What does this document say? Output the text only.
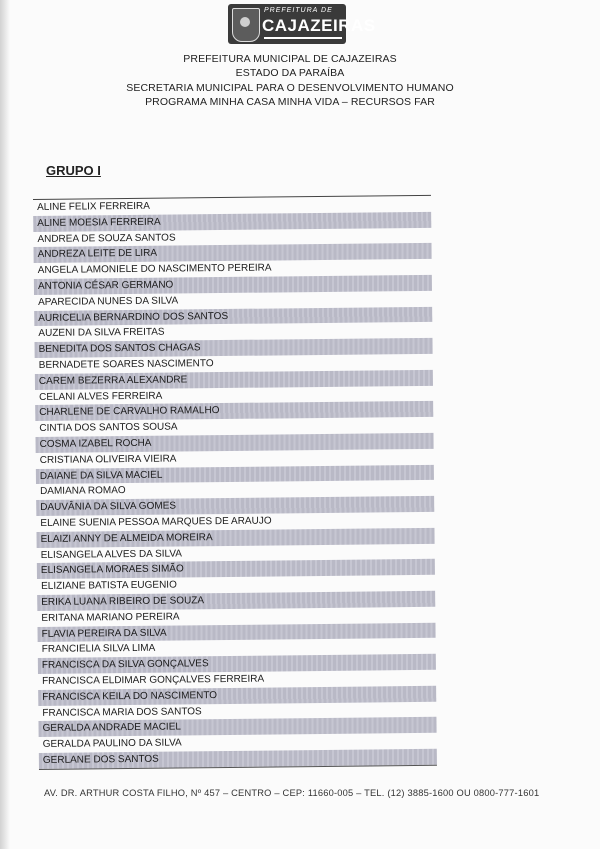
PREFEITURA DE
CAJAZEIRAS
PREFEITURA MUNICIPAL DE CAJAZEIRAS
ESTADO DA PARAÍBA
SECRETARIA MUNICIPAL PARA O DESENVOLVIMENTO HUMANO
PROGRAMA MINHA CASA MINHA VIDA – RECURSOS FAR
GRUPO I
ALINE FELIX FERREIRA
ALINE MOESIA FERREIRA
ANDREA DE SOUZA SANTOS
ANDREZA LEITE DE LIRA
ANGELA LAMONIELE DO NASCIMENTO PEREIRA
ANTONIA CÉSAR GERMANO
APARECIDA NUNES DA SILVA
AURICELIA BERNARDINO DOS SANTOS
AUZENI DA SILVA FREITAS
BENEDITA DOS SANTOS CHAGAS
BERNADETE SOARES NASCIMENTO
CAREM BEZERRA ALEXANDRE
CELANI ALVES FERREIRA
CHARLENE DE CARVALHO RAMALHO
CINTIA DOS SANTOS SOUSA
COSMA IZABEL ROCHA
CRISTIANA OLIVEIRA VIEIRA
DAIANE DA SILVA MACIEL
DAMIANA ROMAO
DAUVÂNIA DA SILVA GOMES
ELAINE SUENIA PESSOA MARQUES DE ARAUJO
ELAIZI ANNY DE ALMEIDA MOREIRA
ELISANGELA ALVES DA SILVA
ELISANGELA MORAES SIMÃO
ELIZIANE BATISTA EUGENIO
ERIKA LUANA RIBEIRO DE SOUZA
ERITANA MARIANO PEREIRA
FLAVIA PEREIRA DA SILVA
FRANCIELIA SILVA LIMA
FRANCISCA DA SILVA GONÇALVES
FRANCISCA ELDIMAR GONÇALVES FERREIRA
FRANCISCA KEILA DO NASCIMENTO
FRANCISCA MARIA DOS SANTOS
GERALDA ANDRADE MACIEL
GERALDA PAULINO DA SILVA
GERLANE DOS SANTOS
AV. DR. ARTHUR COSTA FILHO, Nº 457 – CENTRO – CEP: 11660-005 – TEL. (12) 3885-1600 OU 0800-777-1601
